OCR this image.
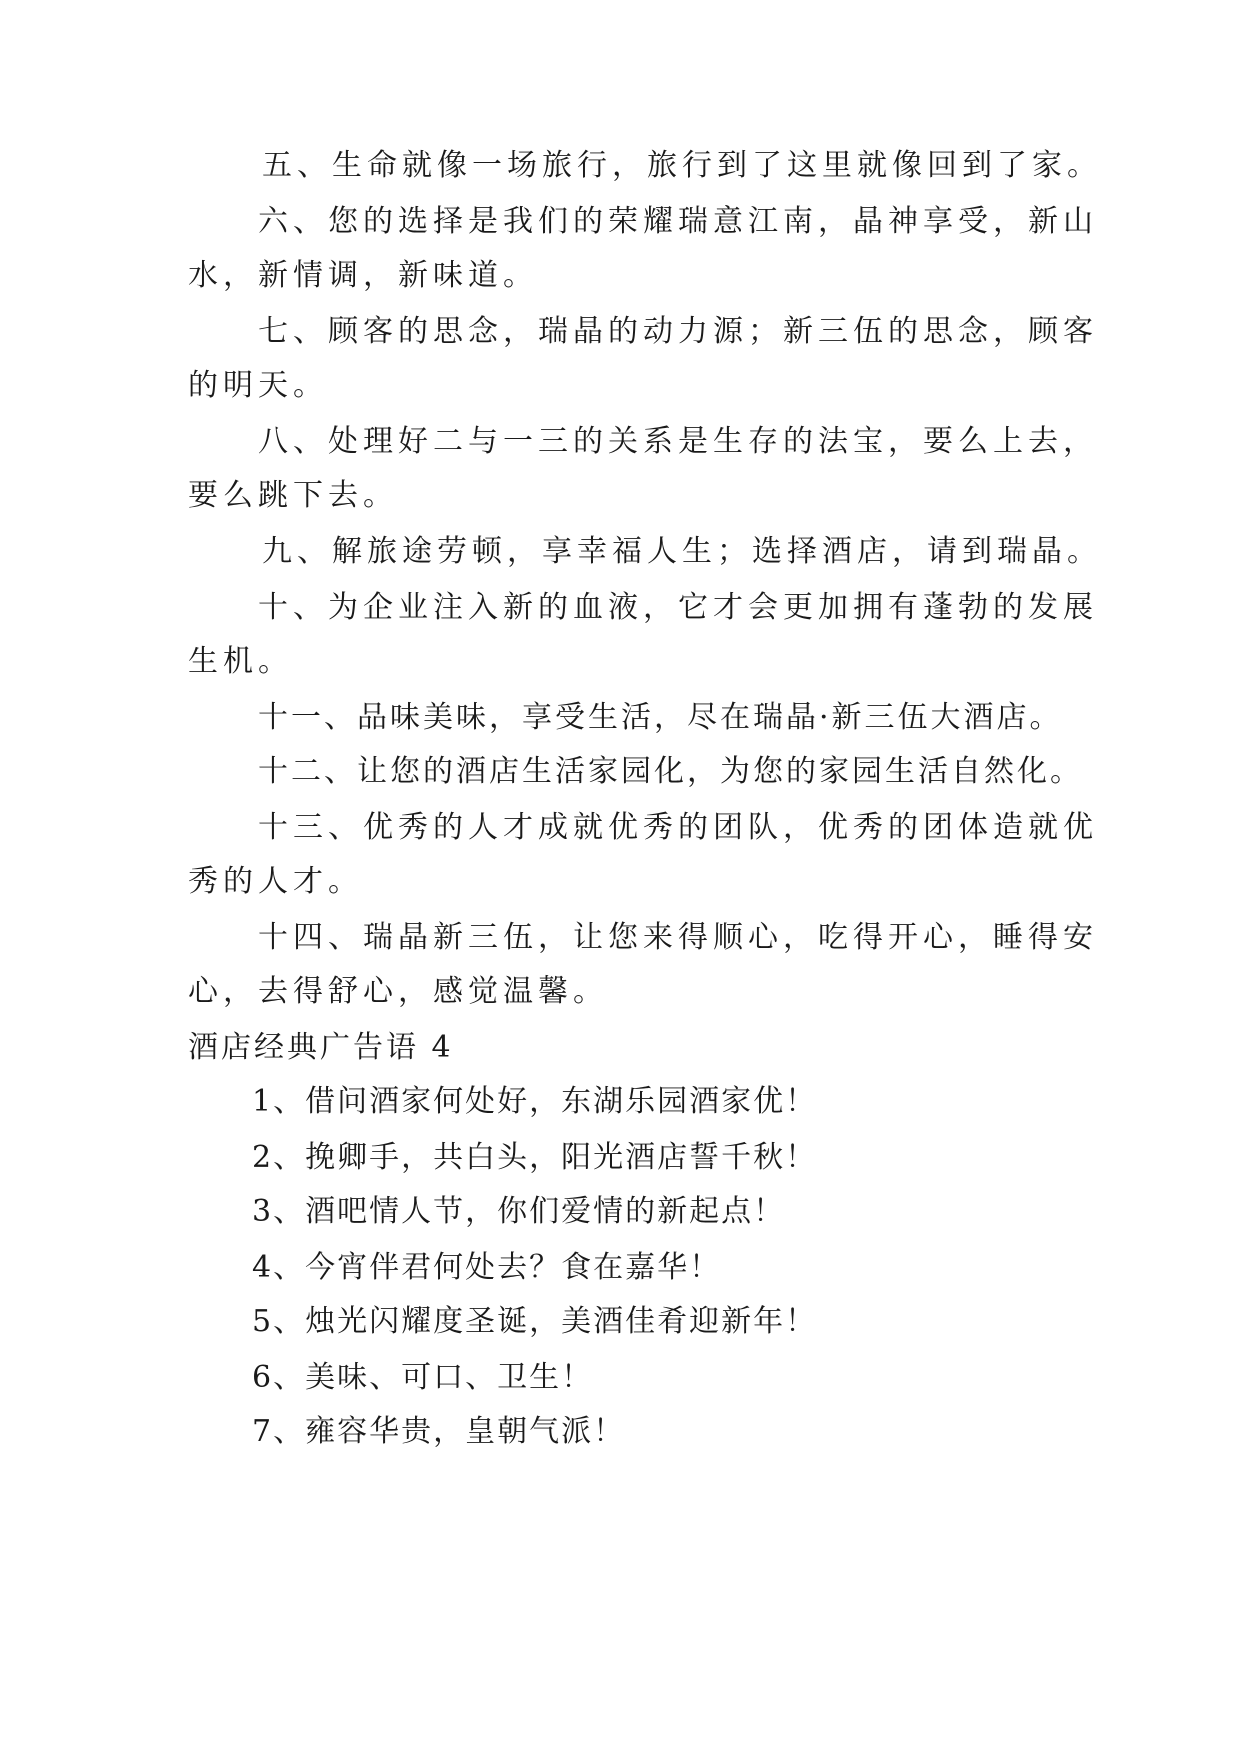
五、生命就像一场旅行，旅行到了这里就像回到了家。
六、您的选择是我们的荣耀瑞意江南，晶神享受，新山
水，新情调，新味道。
七、顾客的思念，瑞晶的动力源；新三伍的思念，顾客
的明天。
八、处理好二与一三的关系是生存的法宝，要么上去，
要么跳下去。
九、解旅途劳顿，享幸福人生；选择酒店，请到瑞晶。
十、为企业注入新的血液，它才会更加拥有蓬勃的发展
生机。
十一、品味美味，享受生活，尽在瑞晶·新三伍大酒店。
十二、让您的酒店生活家园化，为您的家园生活自然化。
十三、优秀的人才成就优秀的团队，优秀的团体造就优
秀的人才。
十四、瑞晶新三伍，让您来得顺心，吃得开心，睡得安
心，去得舒心，感觉温馨。
酒店经典广告语 4
1、借问酒家何处好，东湖乐园酒家优！
2、挽卿手，共白头，阳光酒店誓千秋！
3、酒吧情人节，你们爱情的新起点！
4、今宵伴君何处去？食在嘉华！
5、烛光闪耀度圣诞，美酒佳肴迎新年！
6、美味、可口、卫生！
7、雍容华贵，皇朝气派！
